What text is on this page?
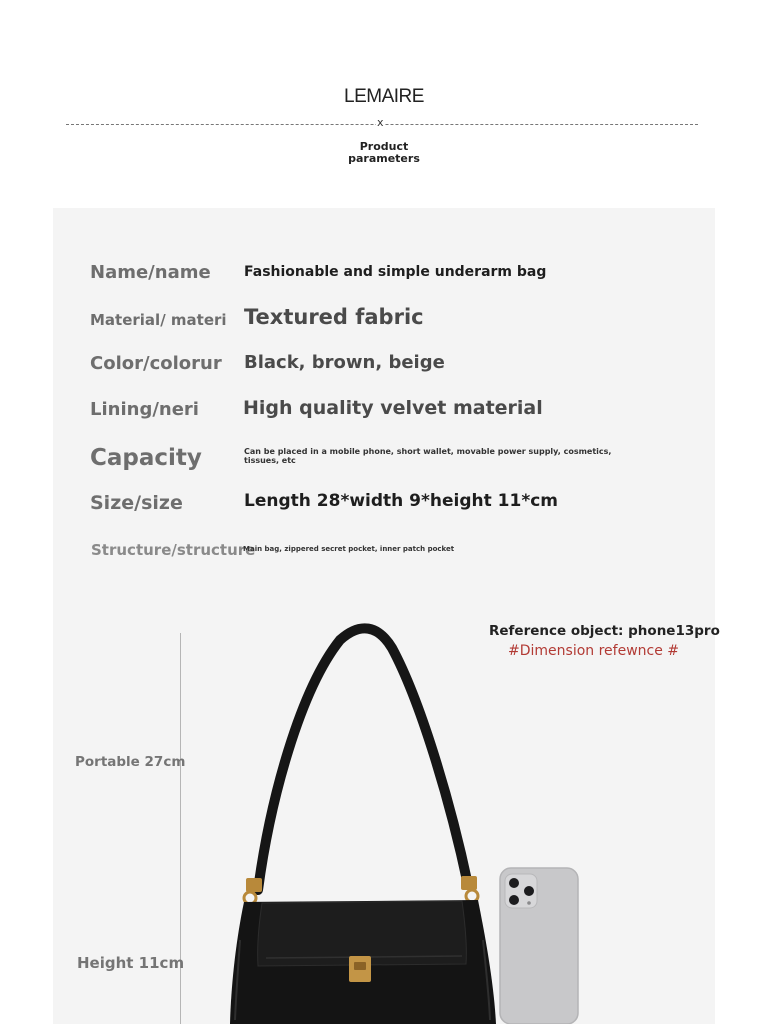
LEMAIRE
x
Product
parameters
Name/name Fashionable and simple underarm bag
Material/ materi Textured fabric
Color/colorur Black, brown, beige
Lining/neri High quality velvet material
Capacity	Can be placed in a mobile phone, short wallet, movable power supply, cosmetics,
tissues, etc
Size/size	Length 28*width 9*height 11*cm
Structure/structure
Main bag, zippered secret pocket, inner patch pocket
Reference object: phone13pro
#Dimension refewnce #
Portable 27cm
Height 11cm
